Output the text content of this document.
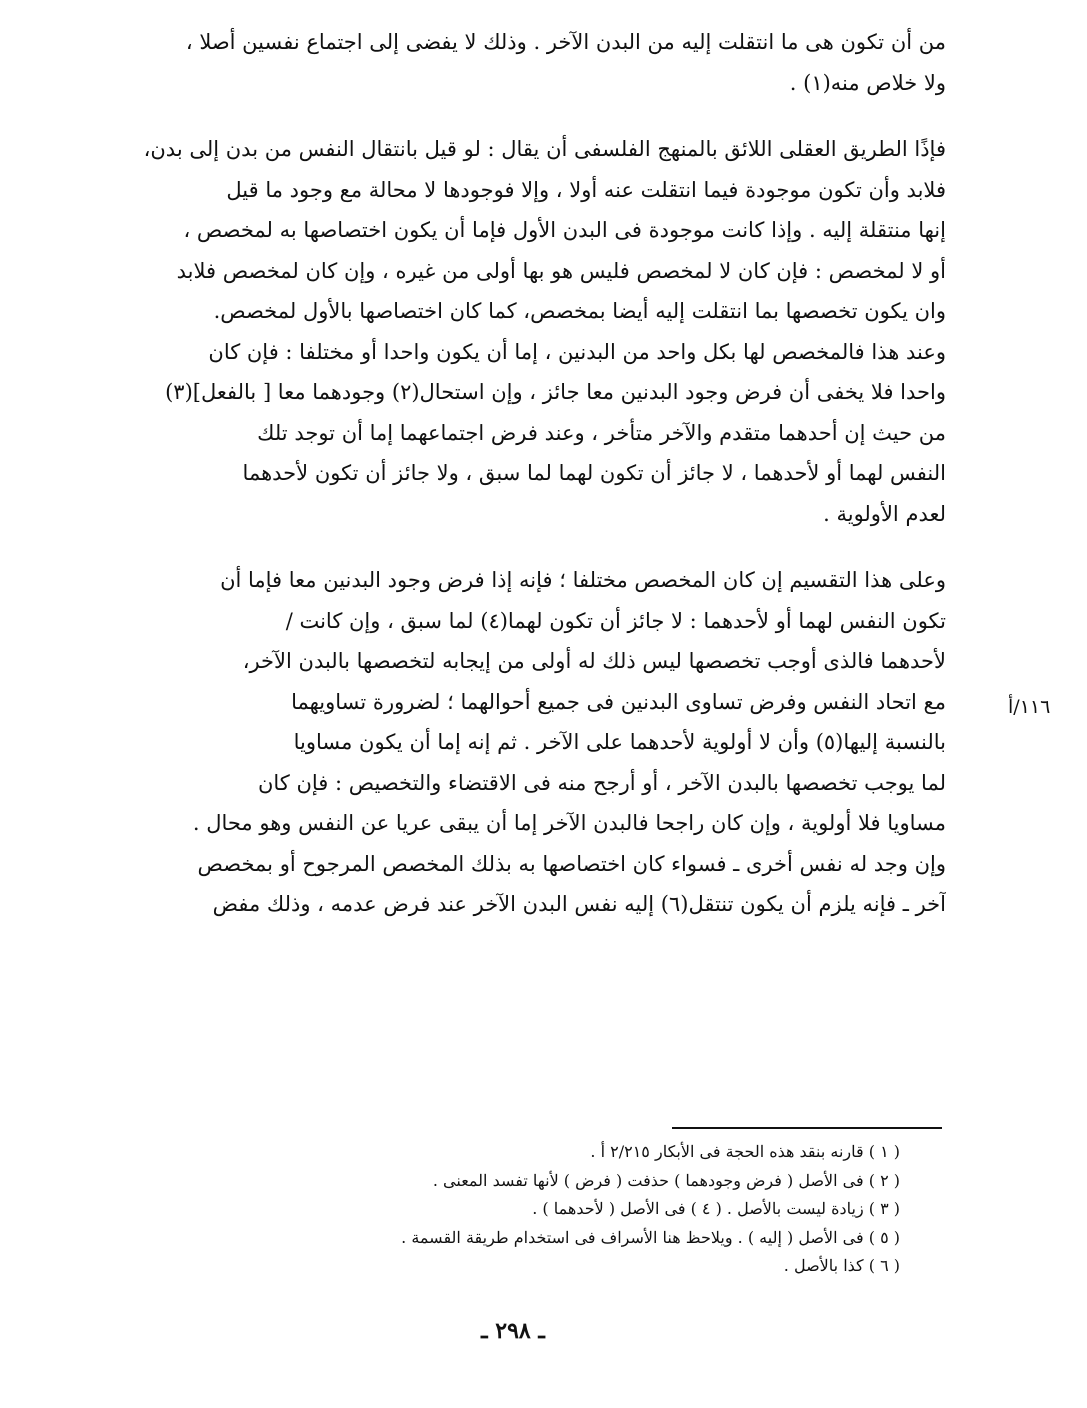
من أن تكون هى ما انتقلت إليه من البدن الآخر . وذلك لا يفضى إلى اجتماع نفسين أصلا ،
ولا خلاص منه(١) .
فإذًا الطريق العقلى اللائق بالمنهج الفلسفى أن يقال : لو قيل بانتقال النفس من بدن إلى بدن،
فلابد وأن تكون موجودة فيما انتقلت عنه أولا ، وإلا فوجودها لا محالة مع وجود ما قيل
إنها منتقلة إليه . وإذا كانت موجودة فى البدن الأول فإما أن يكون اختصاصها به لمخصص ،
أو لا لمخصص : فإن كان لا لمخصص فليس هو بها أولى من غيره ، وإن كان لمخصص فلابد
وان يكون تخصصها بما انتقلت إليه أيضا بمخصص، كما كان اختصاصها بالأول لمخصص.
وعند هذا فالمخصص لها بكل واحد من البدنين ، إما أن يكون واحدا أو مختلفا : فإن كان
واحدا فلا يخفى أن فرض وجود البدنين معا جائز ، وإن استحال(٢) وجودهما معا [ بالفعل](٣)
من حيث إن أحدهما متقدم والآخر متأخر ، وعند فرض اجتماعهما إما أن توجد تلك
النفس لهما أو لأحدهما ، لا جائز أن تكون لهما لما سبق ، ولا جائز أن تكون لأحدهما
لعدم الأولوية .
وعلى هذا التقسيم إن كان المخصص مختلفا ؛ فإنه إذا فرض وجود البدنين معا فإما أن
تكون النفس لهما أو لأحدهما : لا جائز أن تكون لهما(٤) لما سبق ، وإن كانت /
لأحدهما فالذى أوجب تخصصها ليس ذلك له أولى من إيجابه لتخصصها بالبدن الآخر،
مع اتحاد النفس وفرض تساوى البدنين فى جميع أحوالهما ؛ لضرورة تساويهما
بالنسبة إليها(٥) وأن لا أولوية لأحدهما على الآخر . ثم إنه إما أن يكون مساويا
لما يوجب تخصصها بالبدن الآخر ، أو أرجح منه فى الاقتضاء والتخصيص : فإن كان
مساويا فلا أولوية ، وإن كان راجحا فالبدن الآخر إما أن يبقى عريا عن النفس وهو محال .
وإن وجد له نفس أخرى ـ فسواء كان اختصاصها به بذلك المخصص المرجوح أو بمخصص
آخر ـ فإنه يلزم أن يكون تنتقل(٦) إليه نفس البدن الآخر عند فرض عدمه ، وذلك مفض
١١٦/أ
( ١ ) قارنه بنقد هذه الحجة فى الأبكار ٢/٢١٥ أ .
( ٢ ) فى الأصل ( فرض وجودهما ) حذفت ( فرض ) لأنها تفسد المعنى .
( ٣ ) زيادة ليست بالأصل . ( ٤ ) فى الأصل ( لأحدهما ) .
( ٥ ) فى الأصل ( إليه ) . ويلاحظ هنا الأسراف فى استخدام طريقة القسمة .
( ٦ ) كذا بالأصل .
ـ ٢٩٨ ـ
